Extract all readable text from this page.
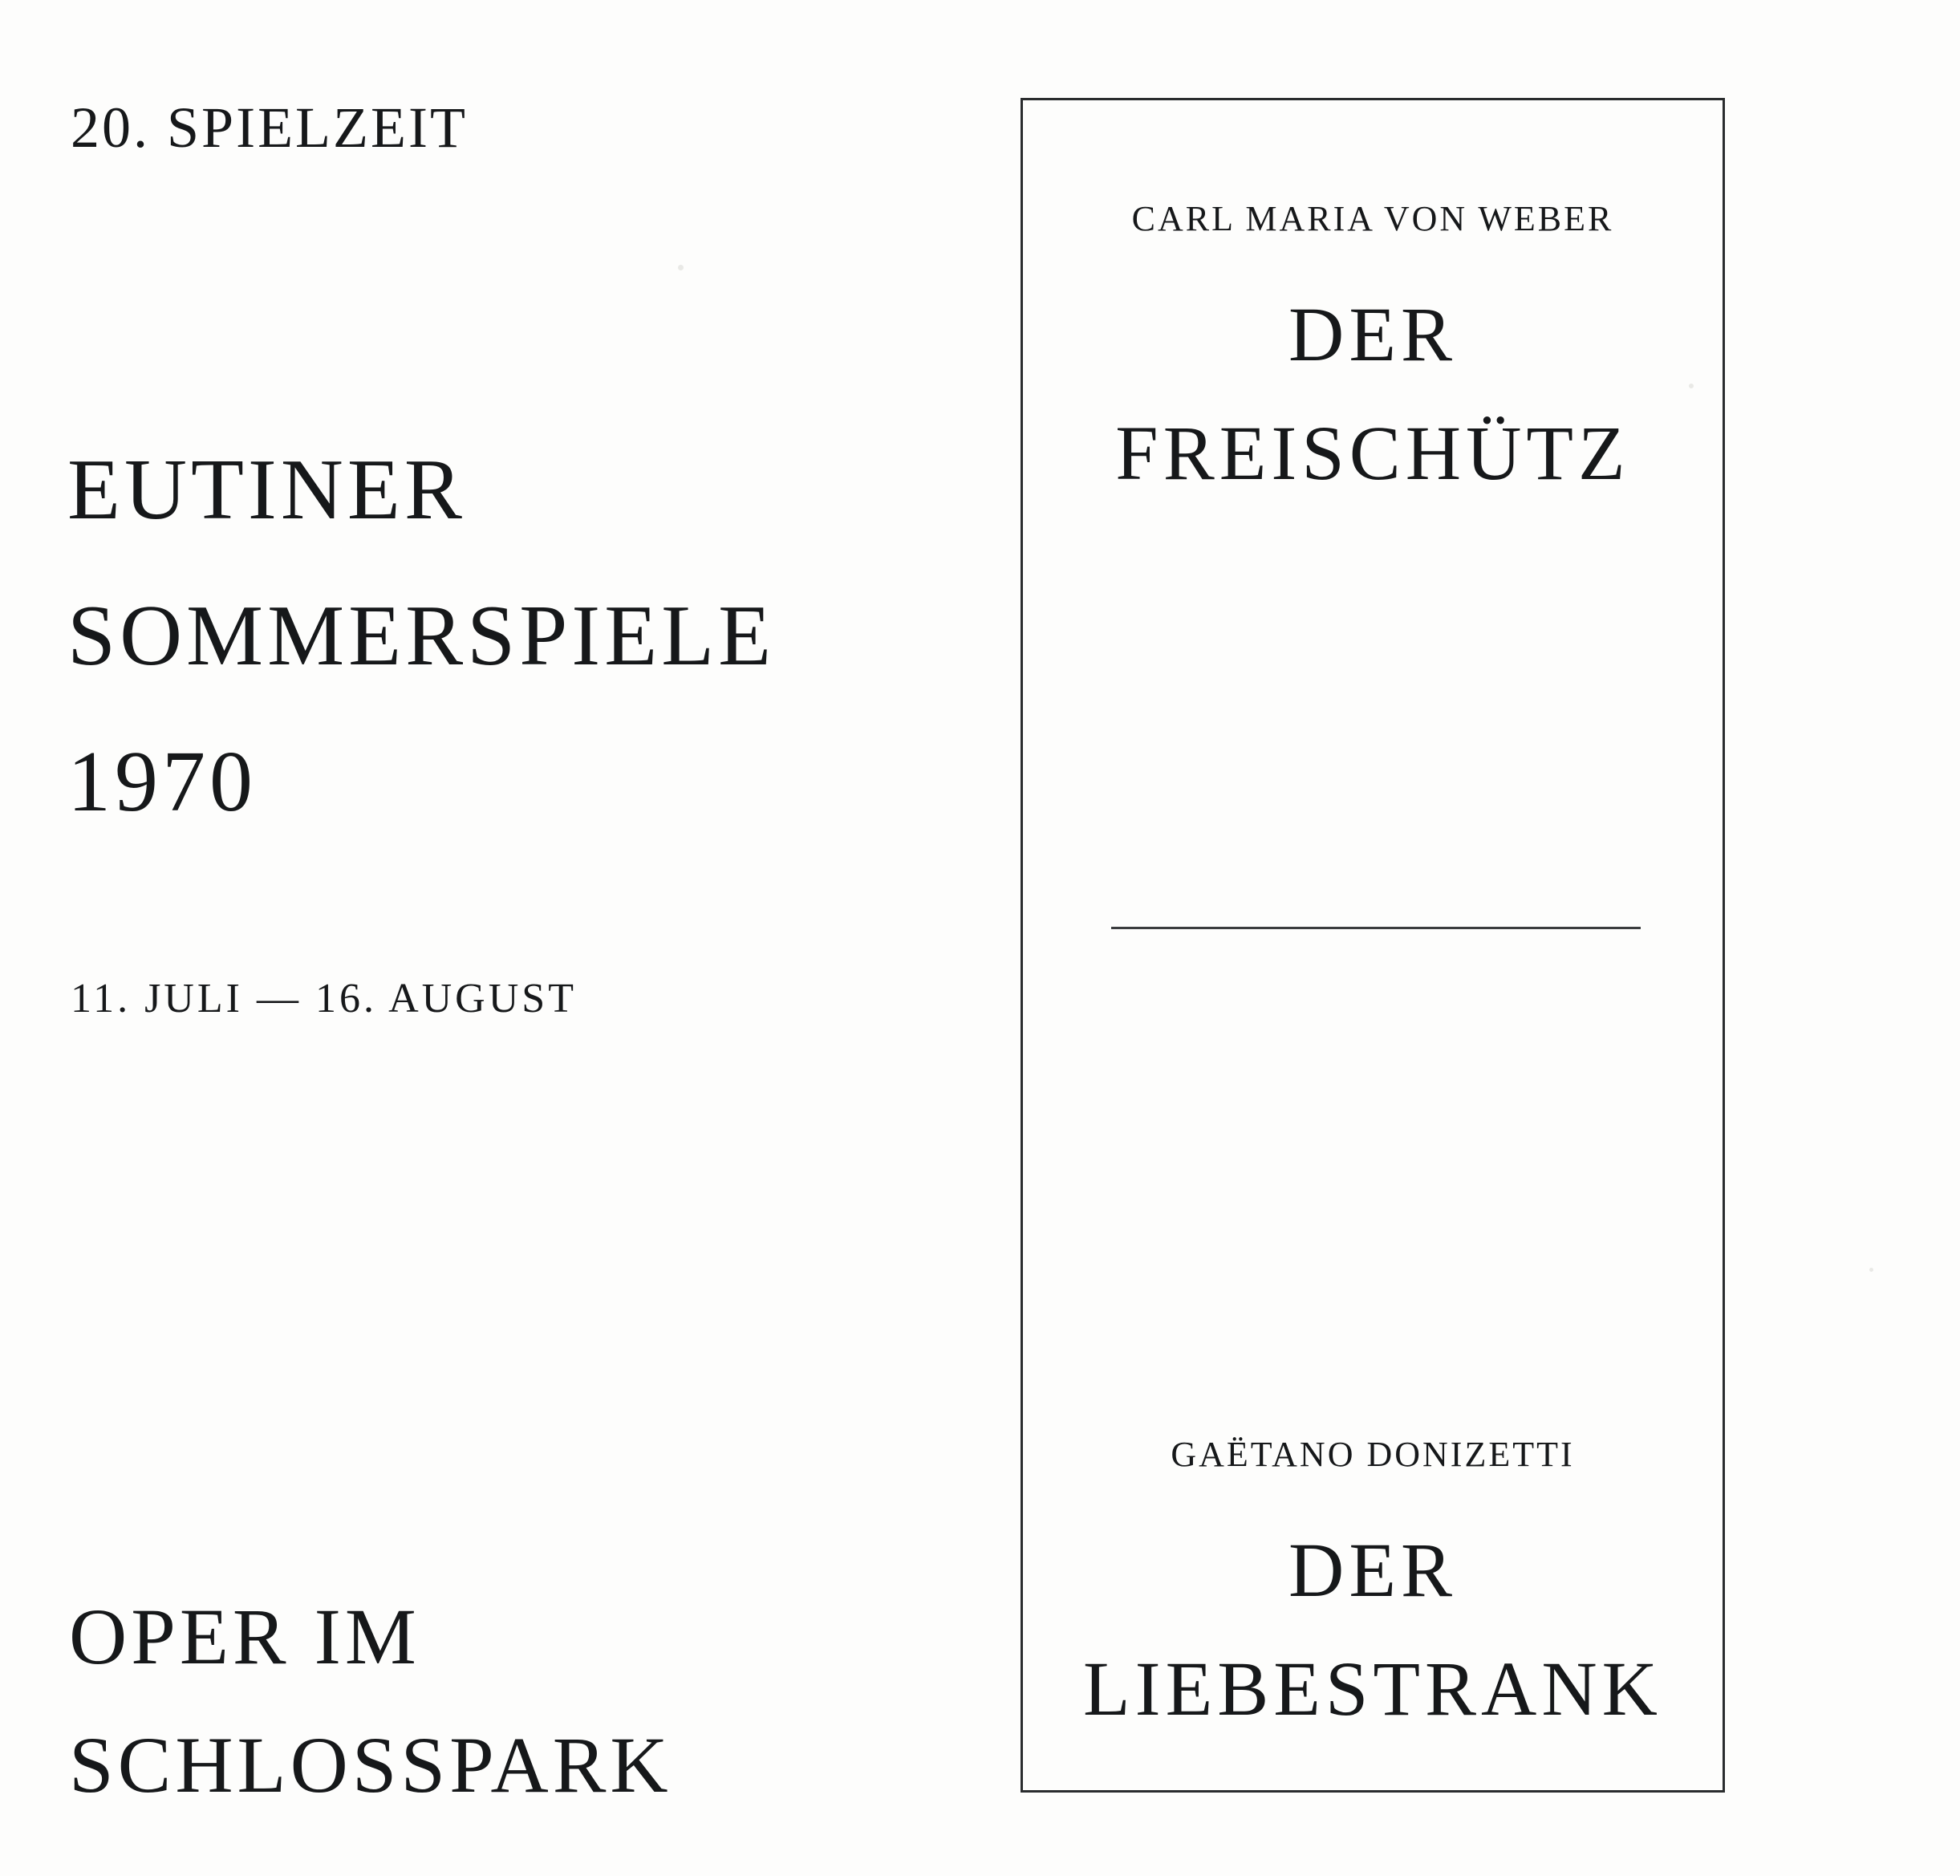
20. SPIELZEIT
EUTINER
SOMMERSPIELE
1970
11. JULI — 16. AUGUST
OPER IM
SCHLOSSPARK
CARL MARIA VON WEBER
DER
FREISCHÜTZ
GAËTANO DONIZETTI
DER
LIEBESTRANK
